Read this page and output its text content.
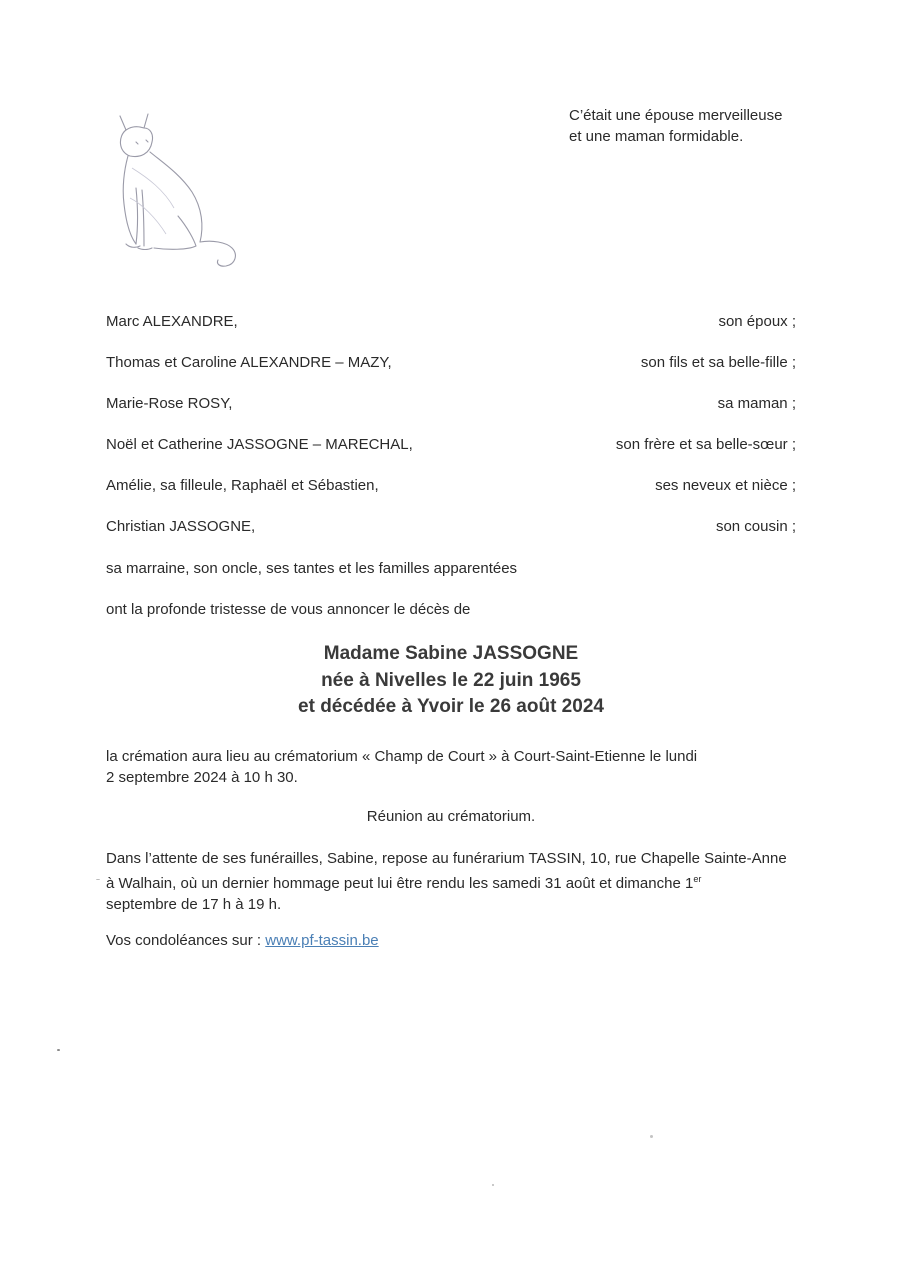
C’était une épouse merveilleuse
et une maman formidable.
Marc ALEXANDRE,	son époux ;
Thomas et Caroline ALEXANDRE – MAZY,	son fils et sa belle-fille ;
Marie-Rose ROSY,	sa maman ;
Noël et Catherine JASSOGNE – MARECHAL,	son frère et sa belle-sœur ;
Amélie, sa filleule, Raphaël et Sébastien,	ses neveux et nièce ;
Christian JASSOGNE,	son cousin ;
sa marraine, son oncle, ses tantes et les familles apparentées
ont la profonde tristesse de vous annoncer le décès de
Madame Sabine JASSOGNE
née à Nivelles le 22 juin 1965
et décédée à Yvoir le 26 août 2024
la crémation aura lieu au crématorium « Champ de Court » à Court-Saint-Etienne le lundi
2 septembre 2024 à 10 h 30.
Réunion au crématorium.
Dans l’attente de ses funérailles, Sabine, repose au funérarium TASSIN, 10, rue Chapelle Sainte-Anne
à Walhain, où un dernier hommage peut lui être rendu les samedi 31 août et dimanche 1er
septembre de 17 h à 19 h.
Vos condoléances sur : www.pf-tassin.be
